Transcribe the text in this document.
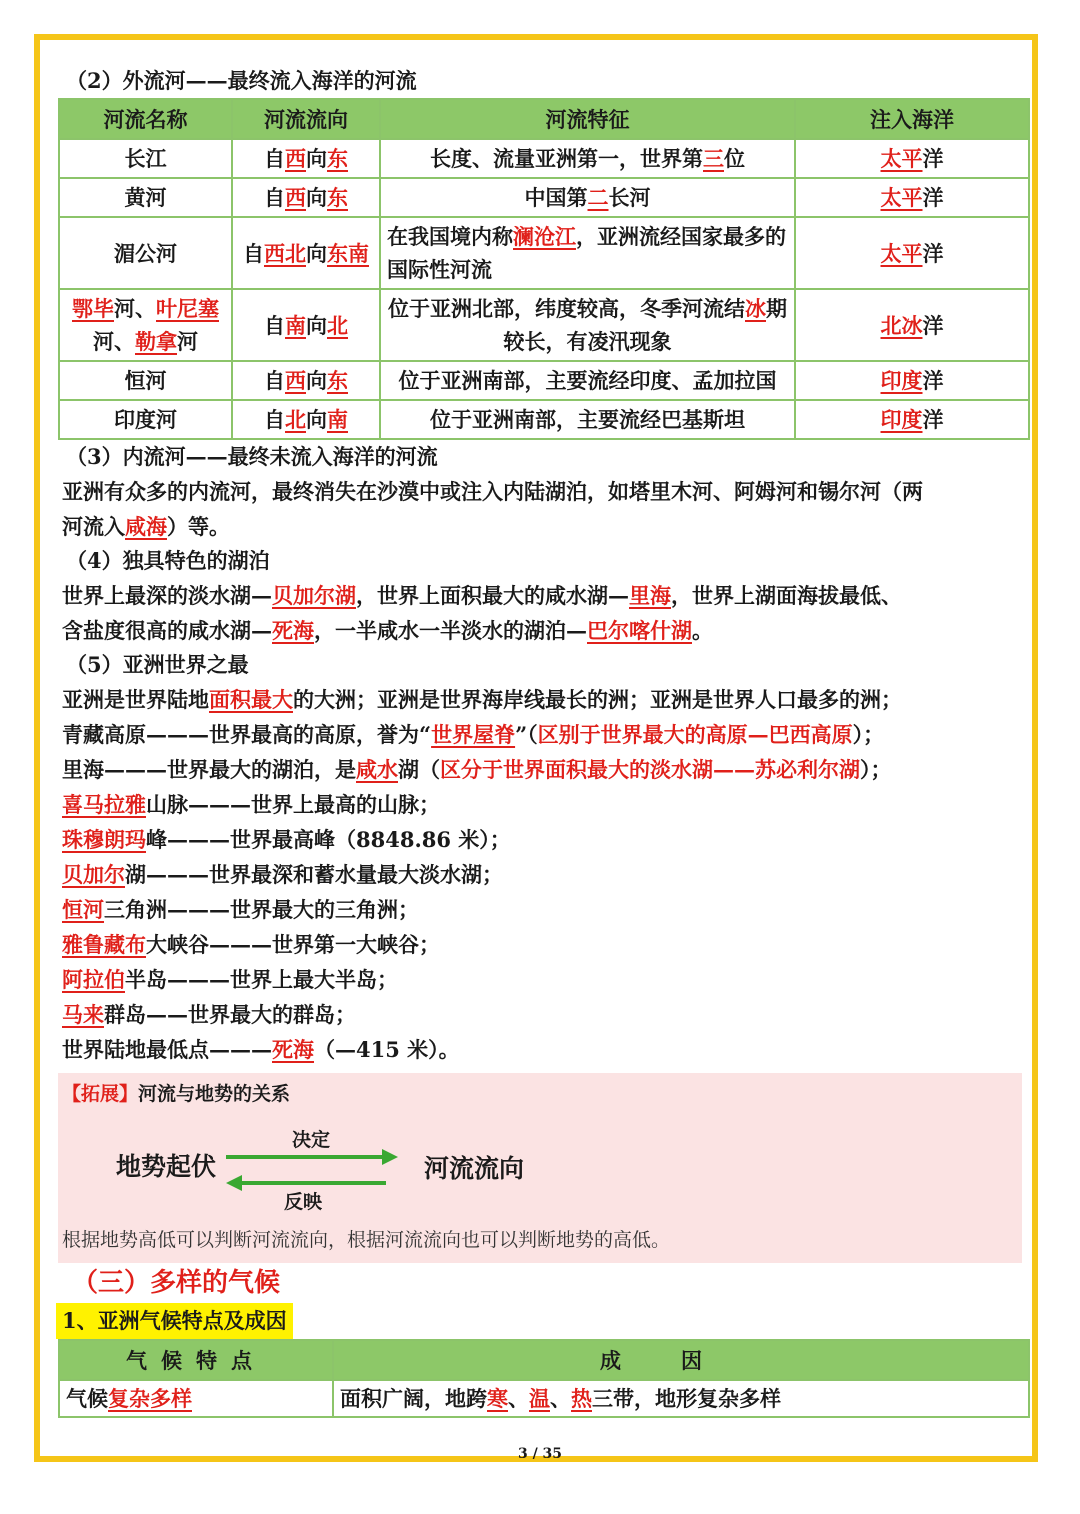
（2）外流河——最终流入海洋的河流
河流名称	河流流向	河流特征	注入海洋
长江	自西向东	长度、流量亚洲第一，世界第三位	太平洋
黄河	自西向东	中国第二长河	太平洋
湄公河	自西北向东南	在我国境内称澜沧江，亚洲流经国家最多的国际性河流	太平洋
鄂毕河、叶尼塞
河、勒拿河	自南向北	位于亚洲北部，纬度较高，冬季河流结冰期较长，有凌汛现象	北冰洋
恒河	自西向东	位于亚洲南部，主要流经印度、孟加拉国	印度洋
印度河	自北向南	位于亚洲南部，主要流经巴基斯坦	印度洋
（3）内流河——最终未流入海洋的河流

亚洲有众多的内流河，最终消失在沙漠中或注入内陆湖泊，如塔里木河、阿姆河和锡尔河（两

河流入咸海）等。

（4）独具特色的湖泊

世界上最深的淡水湖—贝加尔湖，世界上面积最大的咸水湖—里海，世界上湖面海拔最低、

含盐度很高的咸水湖—死海，一半咸水一半淡水的湖泊—巴尔喀什湖。

（5）亚洲世界之最

亚洲是世界陆地面积最大的大洲；亚洲是世界海岸线最长的洲；亚洲是世界人口最多的洲；

青藏高原———世界最高的高原，誉为“世界屋脊”（区别于世界最大的高原—巴西高原）；

里海———世界最大的湖泊，是咸水湖（区分于世界面积最大的淡水湖——苏必利尔湖）；

喜马拉雅山脉———世界上最高的山脉；

珠穆朗玛峰———世界最高峰（8848.86 米）；

贝加尔湖———世界最深和蓄水量最大淡水湖；

恒河三角洲———世界最大的三角洲；

雅鲁藏布大峡谷———世界第一大峡谷；

阿拉伯半岛———世界上最大半岛；

马来群岛——世界最大的群岛；

世界陆地最低点———死海（—415 米）。

【拓展】河流与地势的关系
地势起伏
决定
反映
河流流向
根据地势高低可以判断河流流向，根据河流流向也可以判断地势的高低。
（三）多样的气候
1、亚洲气候特点及成因
气候特点	成因
气候复杂多样	面积广阔，地跨寒、温、热三带，地形复杂多样
3 / 35
